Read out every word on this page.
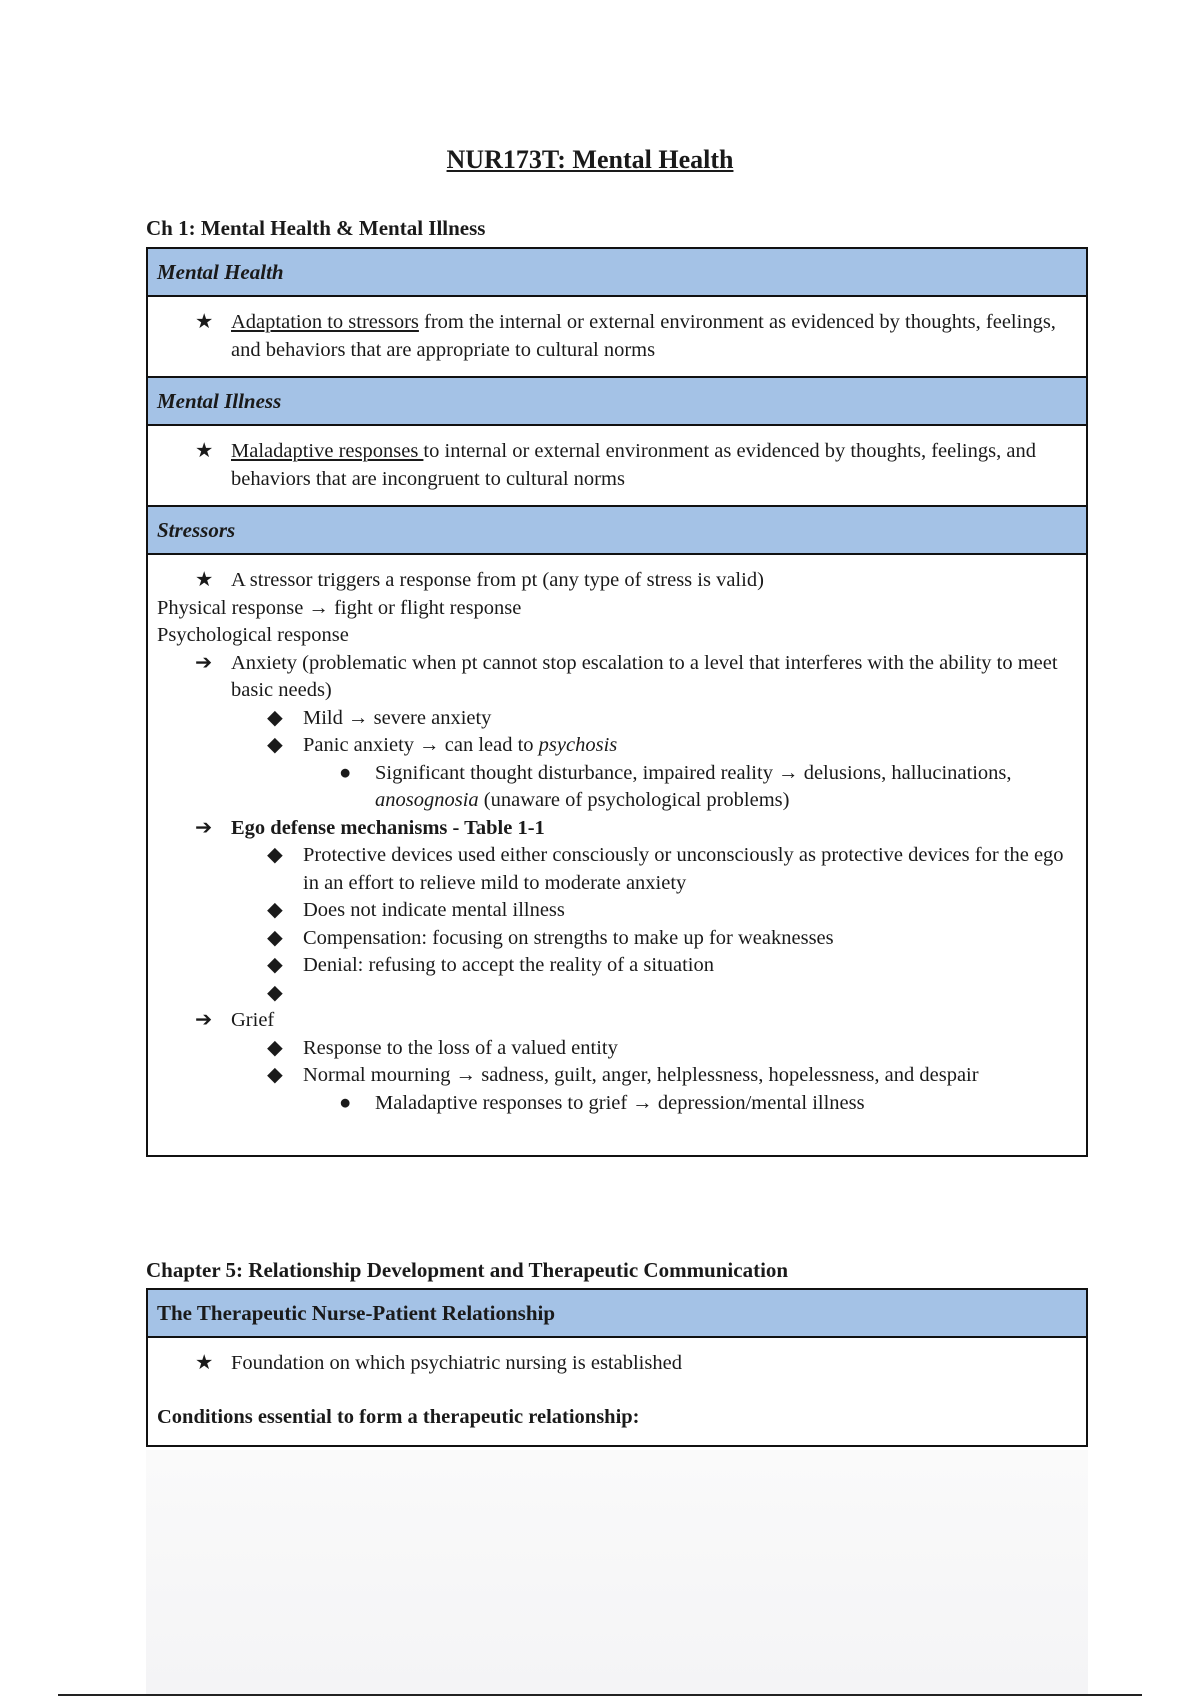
NUR173T: Mental Health
Ch 1: Mental Health & Mental Illness
Mental Health
★ Adaptation to stressors from the internal or external environment as evidenced by thoughts, feelings, and behaviors that are appropriate to cultural norms
Mental Illness
★ Maladaptive responses to internal or external environment as evidenced by thoughts, feelings, and behaviors that are incongruent to cultural norms
Stressors
★ A stressor triggers a response from pt (any type of stress is valid)
Physical response → fight or flight response
Psychological response
➔ Anxiety (problematic when pt cannot stop escalation to a level that interferes with the ability to meet basic needs)
◆ Mild → severe anxiety
◆ Panic anxiety → can lead to psychosis
●	Significant thought disturbance, impaired reality → delusions, hallucinations, anosognosia (unaware of psychological problems)
➔ Ego defense mechanisms - Table 1-1
◆ Protective devices used either consciously or unconsciously as protective devices for the ego in an effort to relieve mild to moderate anxiety
◆ Does not indicate mental illness
◆ Compensation: focusing on strengths to make up for weaknesses
◆ Denial: refusing to accept the reality of a situation
◆

➔ Grief
◆ Response to the loss of a valued entity
◆ Normal mourning → sadness, guilt, anger, helplessness, hopelessness, and despair
●	Maladaptive responses to grief → depression/mental illness
Chapter 5: Relationship Development and Therapeutic Communication
The Therapeutic Nurse-Patient Relationship
★ Foundation on which psychiatric nursing is established
Conditions essential to form a therapeutic relationship:
